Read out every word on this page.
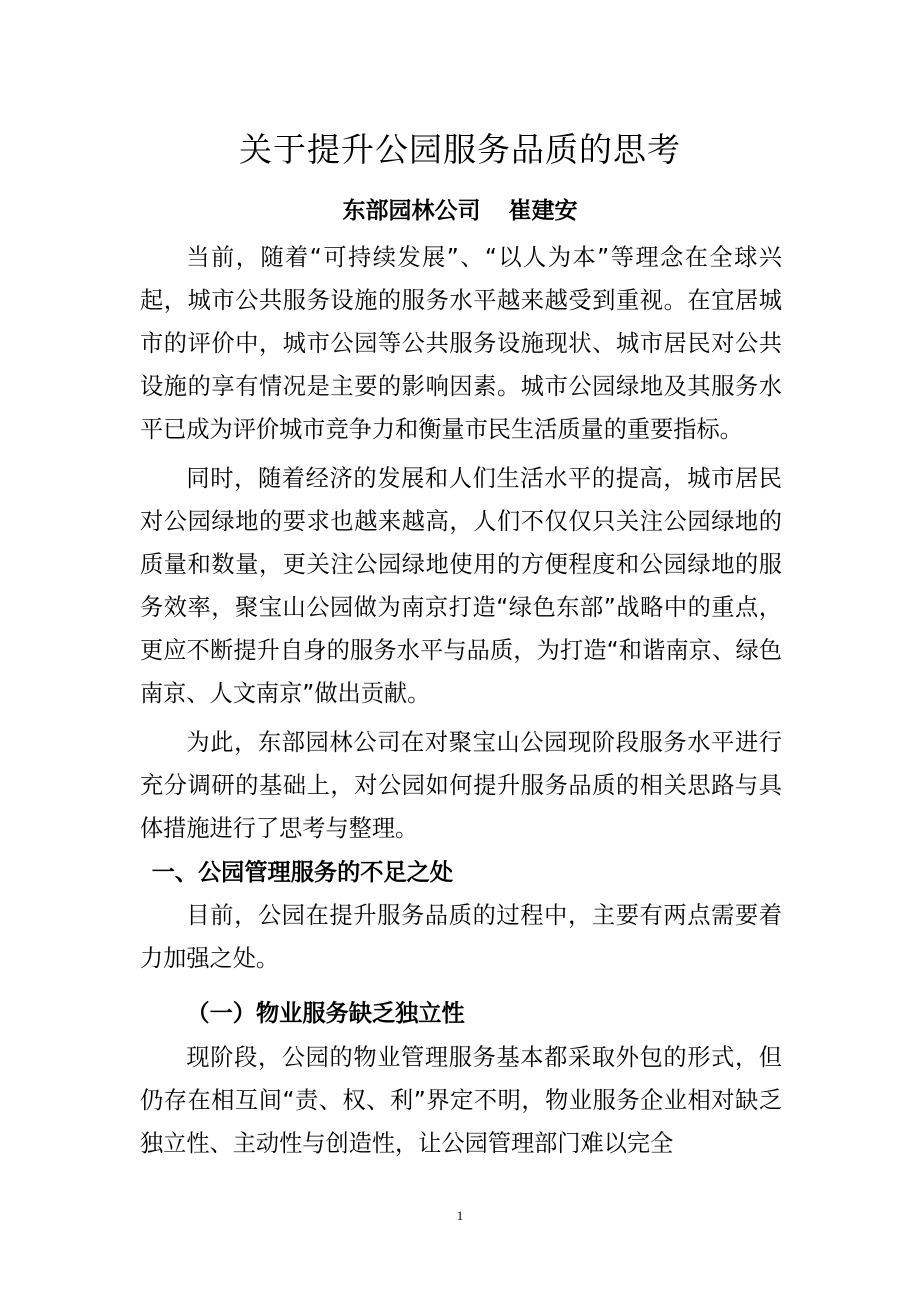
关于提升公园服务品质的思考
东部园林公司 崔建安

当前，随着“可持续发展”、“以人为本”等理念在全球兴起，城市公共服务设施的服务水平越来越受到重视。在宜居城市的评价中，城市公园等公共服务设施现状、城市居民对公共设施的享有情况是主要的影响因素。城市公园绿地及其服务水平已成为评价城市竞争力和衡量市民生活质量的重要指标。

同时，随着经济的发展和人们生活水平的提高，城市居民对公园绿地的要求也越来越高，人们不仅仅只关注公园绿地的质量和数量，更关注公园绿地使用的方便程度和公园绿地的服务效率，聚宝山公园做为南京打造“绿色东部”战略中的重点，更应不断提升自身的服务水平与品质，为打造“和谐南京、绿色南京、人文南京”做出贡献。

为此，东部园林公司在对聚宝山公园现阶段服务水平进行充分调研的基础上，对公园如何提升服务品质的相关思路与具体措施进行了思考与整理。

一、公园管理服务的不足之处

目前，公园在提升服务品质的过程中，主要有两点需要着力加强之处。

（一）物业服务缺乏独立性

现阶段，公园的物业管理服务基本都采取外包的形式，但仍存在相互间“责、权、利”界定不明，物业服务企业相对缺乏独立性、主动性与创造性，让公园管理部门难以完全

1
